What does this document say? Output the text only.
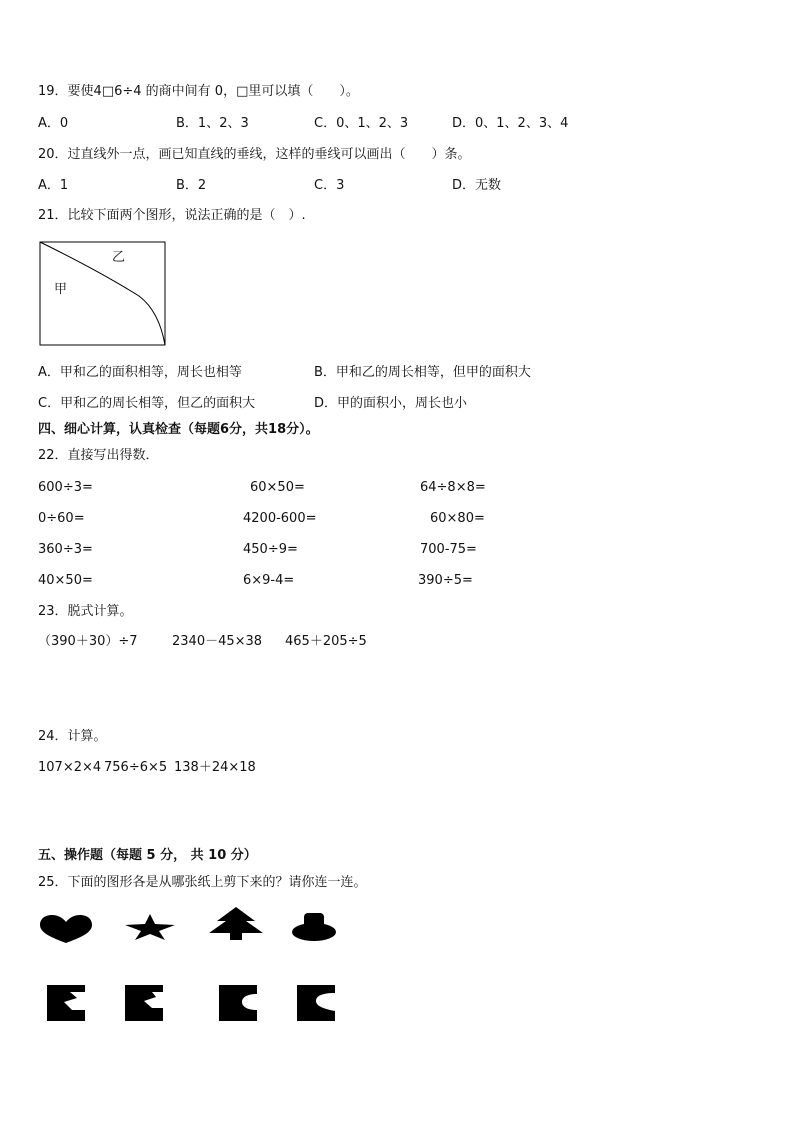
19．要使4□6÷4 的商中间有 0，□里可以填（　　）。
A．0	B．1、2、3	C．0、1、2、3	D．0、1、2、3、4
20．过直线外一点，画已知直线的垂线，这样的垂线可以画出（　　）条。
A．1	B．2	C．3	D．无数
21．比较下面两个图形，说法正确的是（　）.
乙
甲
A．甲和乙的面积相等，周长也相等	B．甲和乙的周长相等，但甲的面积大
C．甲和乙的周长相等，但乙的面积大	D．甲的面积小，周长也小
四、细心计算，认真检查（每题6分，共18分）。
22．直接写出得数．
600÷3=	60×50=	64÷8×8=
0÷60=	4200-600=	60×80=
360÷3=	450÷9=	700-75=
40×50=	6×9-4=	390÷5=
23．脱式计算。
（390＋30）÷7	2340－45×38 465＋205÷5
24．计算。
107×2×4 756÷6×5 138＋24×18
五、操作题（每题 5 分， 共 10 分）
25．下面的图形各是从哪张纸上剪下来的？请你连一连。
